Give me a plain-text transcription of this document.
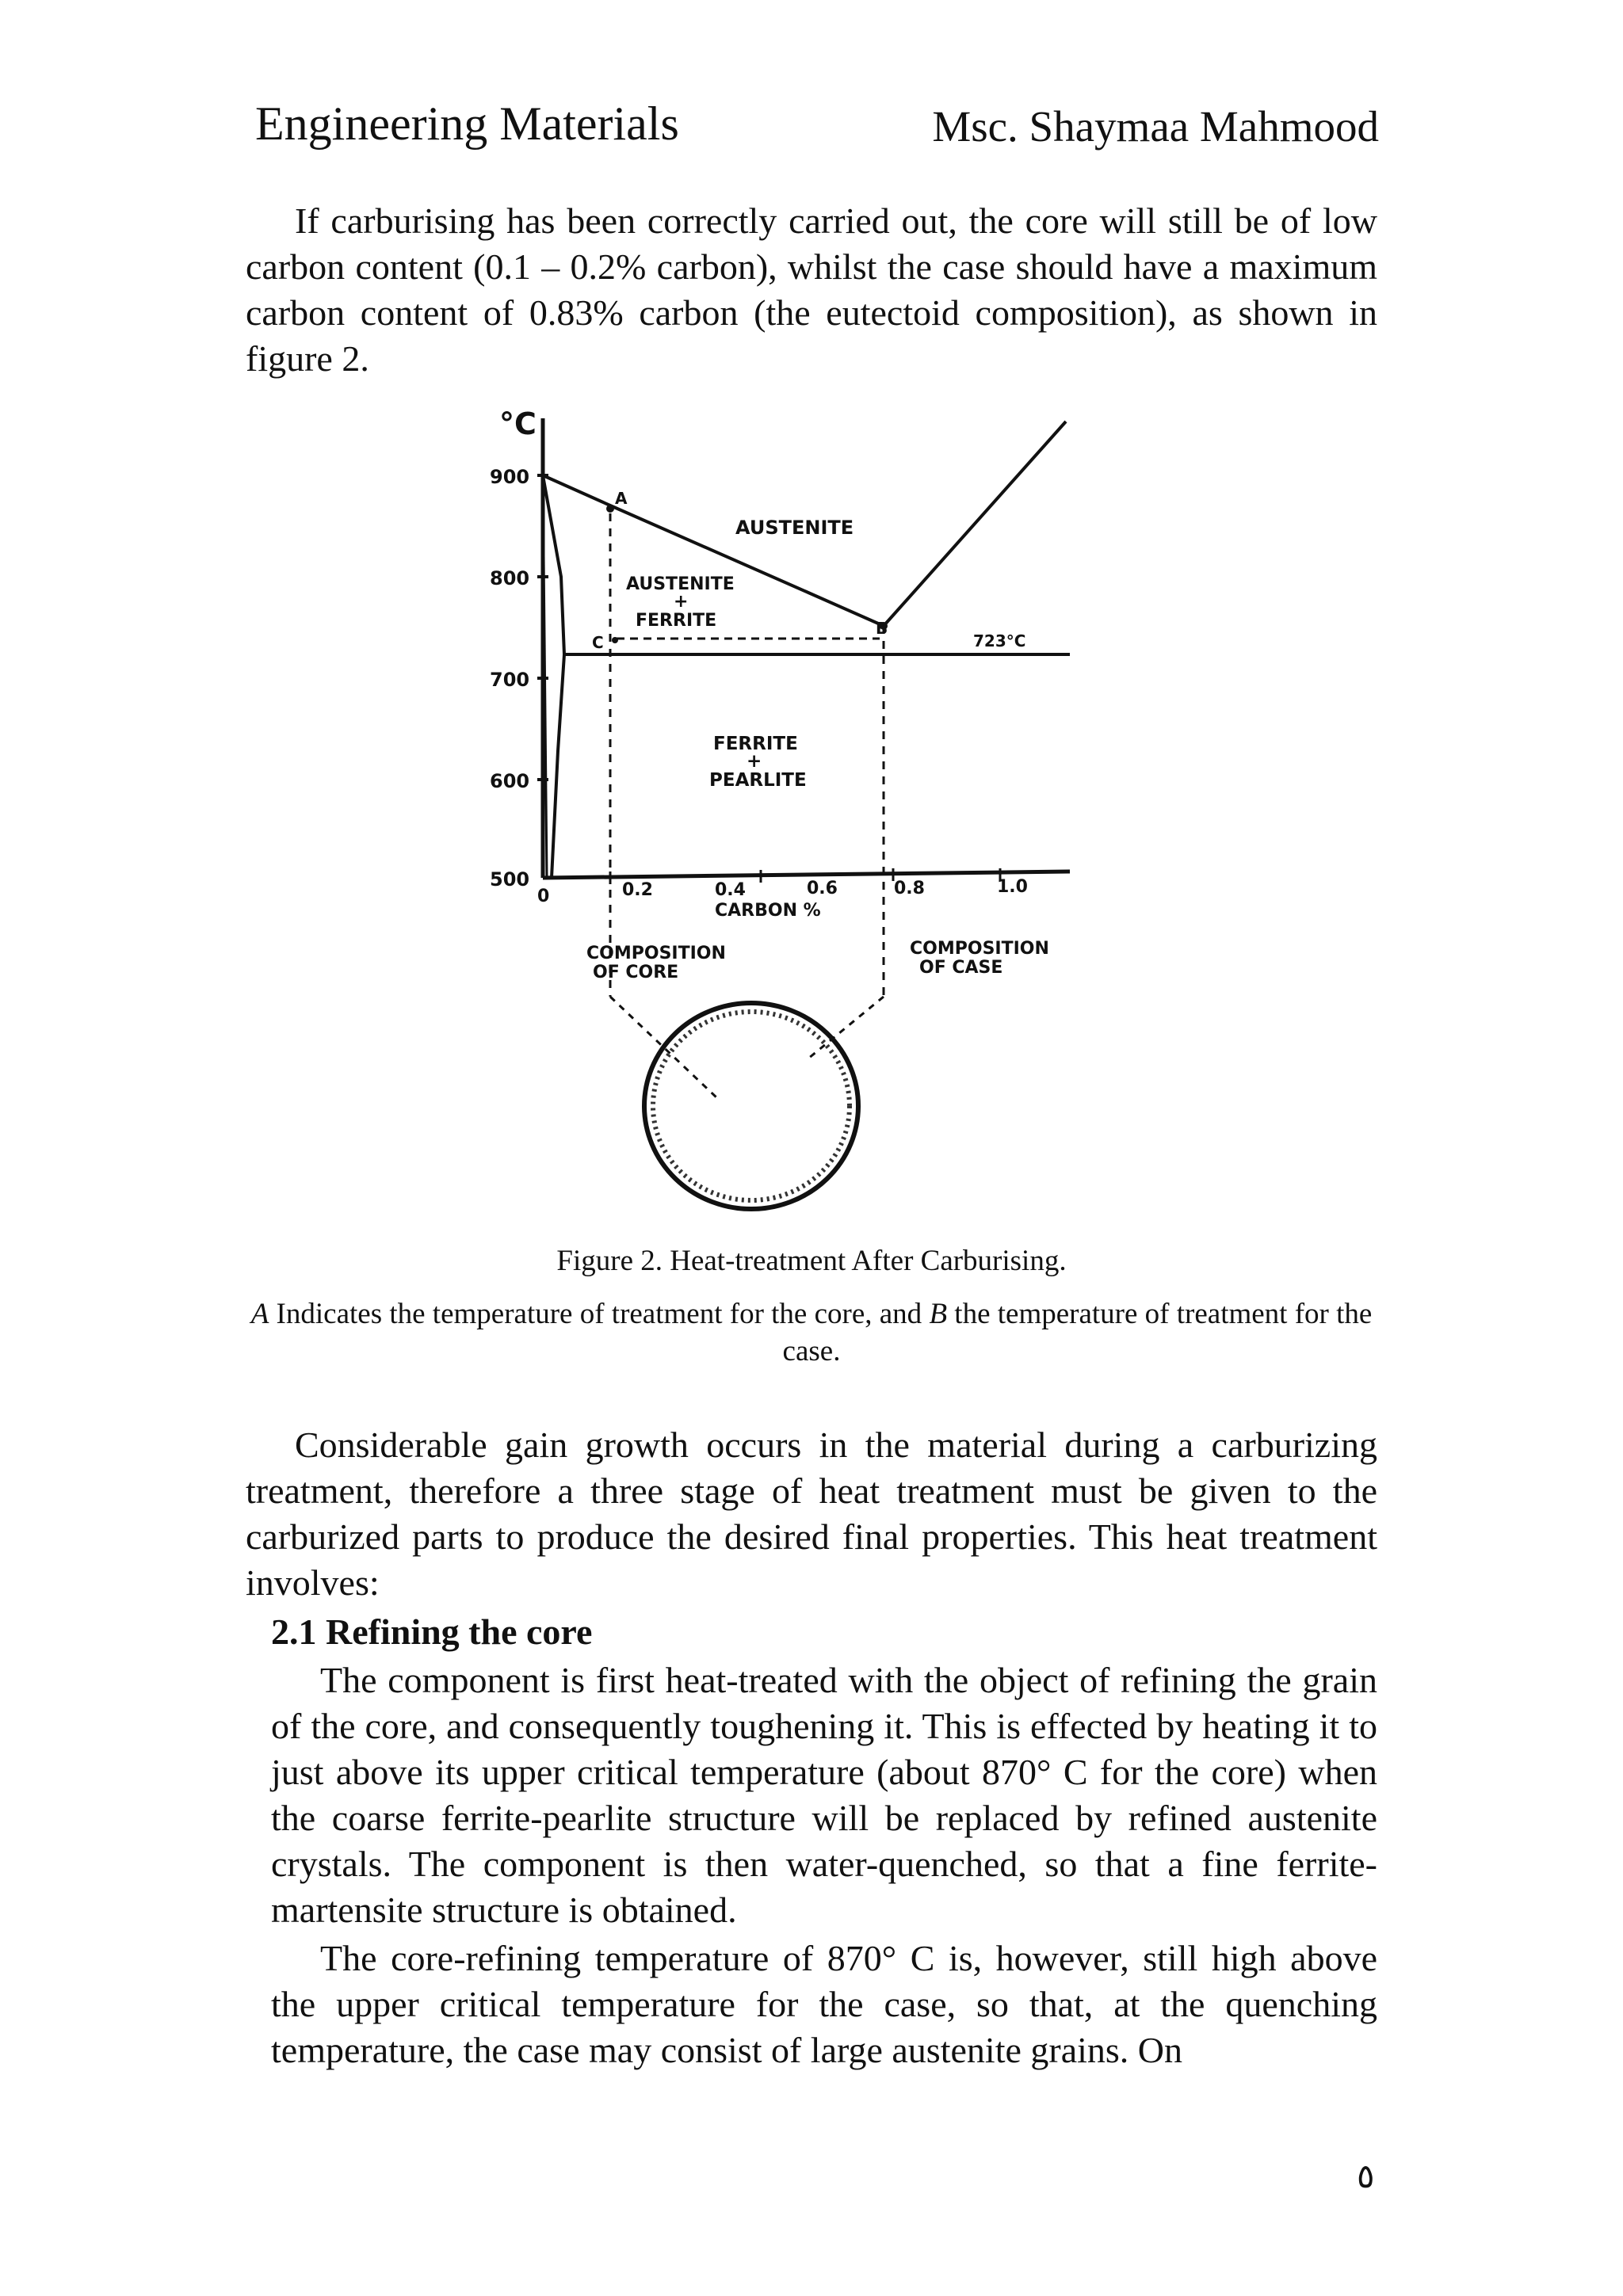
Engineering Materials	Msc. Shaymaa Mahmood

If carburising has been correctly carried out, the core will still be of low carbon content (0.1 – 0.2% carbon), whilst the case should have a maximum carbon content of 0.83% carbon (the eutectoid composition), as shown in figure 2.

°C
900
800
700
600
500
0	0.2	0.4	0.6	0.8	1.0
CARBON %
AUSTENITE
AUSTENITE
+
FERRITE
FERRITE
+
PEARLITE
A
B
C	723°C
COMPOSITION
OF CORE
COMPOSITION
OF CASE
Figure 2. Heat-treatment After Carburising.
A Indicates the temperature of treatment for the core, and B the temperature of treatment for the case.

Considerable gain growth occurs in the material during a carburizing treatment, therefore a three stage of heat treatment must be given to the carburized parts to produce the desired final properties. This heat treatment involves:

2.1 Refining the core

The component is first heat-treated with the object of refining the grain of the core, and consequently toughening it. This is effected by heating it to just above its upper critical temperature (about 870° C for the core) when the coarse ferrite-pearlite structure will be replaced by refined austenite crystals. The component is then water-quenched, so that a fine ferrite-martensite structure is obtained.

The core-refining temperature of 870° C is, however, still high above the upper critical temperature for the case, so that, at the quenching temperature, the case may consist of large austenite grains. On

٥
